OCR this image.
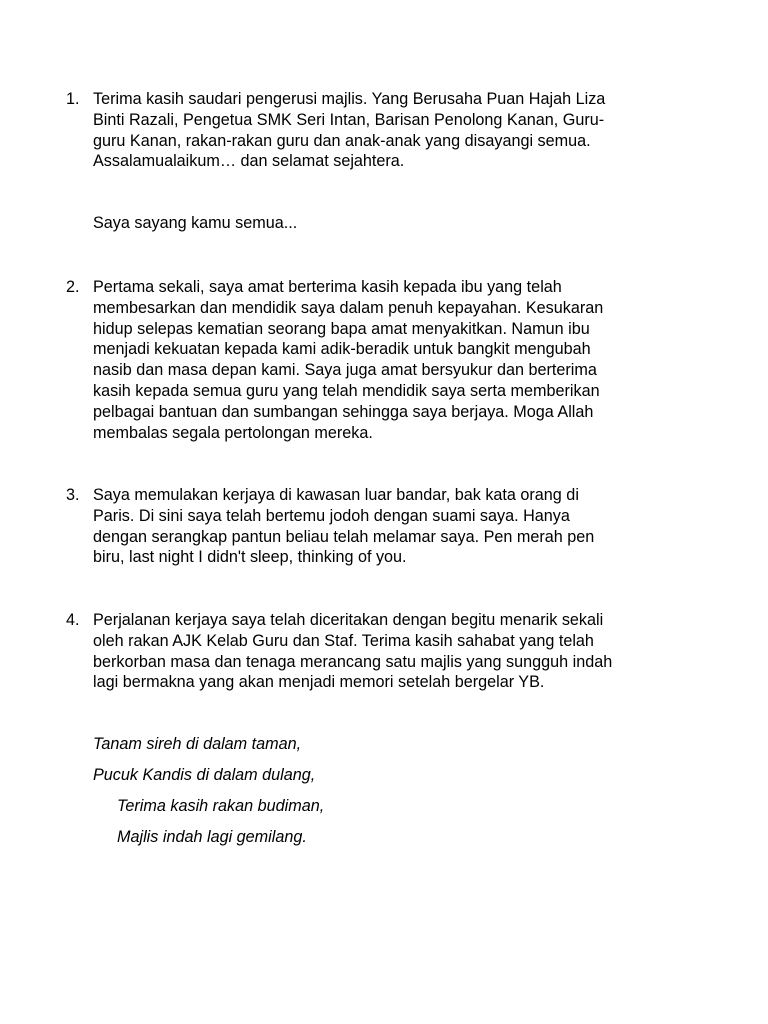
1. Terima kasih saudari pengerusi majlis. Yang Berusaha Puan Hajah Liza
Binti Razali, Pengetua SMK Seri Intan, Barisan Penolong Kanan, Guru-
guru Kanan, rakan-rakan guru dan anak-anak yang disayangi semua.
Assalamualaikum… dan selamat sejahtera.
Saya sayang kamu semua...
2. Pertama sekali, saya amat berterima kasih kepada ibu yang telah
membesarkan dan mendidik saya dalam penuh kepayahan. Kesukaran
hidup selepas kematian seorang bapa amat menyakitkan. Namun ibu
menjadi kekuatan kepada kami adik-beradik untuk bangkit mengubah
nasib dan masa depan kami. Saya juga amat bersyukur dan berterima
kasih kepada semua guru yang telah mendidik saya serta memberikan
pelbagai bantuan dan sumbangan sehingga saya berjaya. Moga Allah
membalas segala pertolongan mereka.
3. Saya memulakan kerjaya di kawasan luar bandar, bak kata orang di
Paris. Di sini saya telah bertemu jodoh dengan suami saya. Hanya
dengan serangkap pantun beliau telah melamar saya. Pen merah pen
biru, last night I didn't sleep, thinking of you.
4. Perjalanan kerjaya saya telah diceritakan dengan begitu menarik sekali
oleh rakan AJK Kelab Guru dan Staf. Terima kasih sahabat yang telah
berkorban masa dan tenaga merancang satu majlis yang sungguh indah
lagi bermakna yang akan menjadi memori setelah bergelar YB.
Tanam sireh di dalam taman,
Pucuk Kandis di dalam dulang,
Terima kasih rakan budiman,
Majlis indah lagi gemilang.
